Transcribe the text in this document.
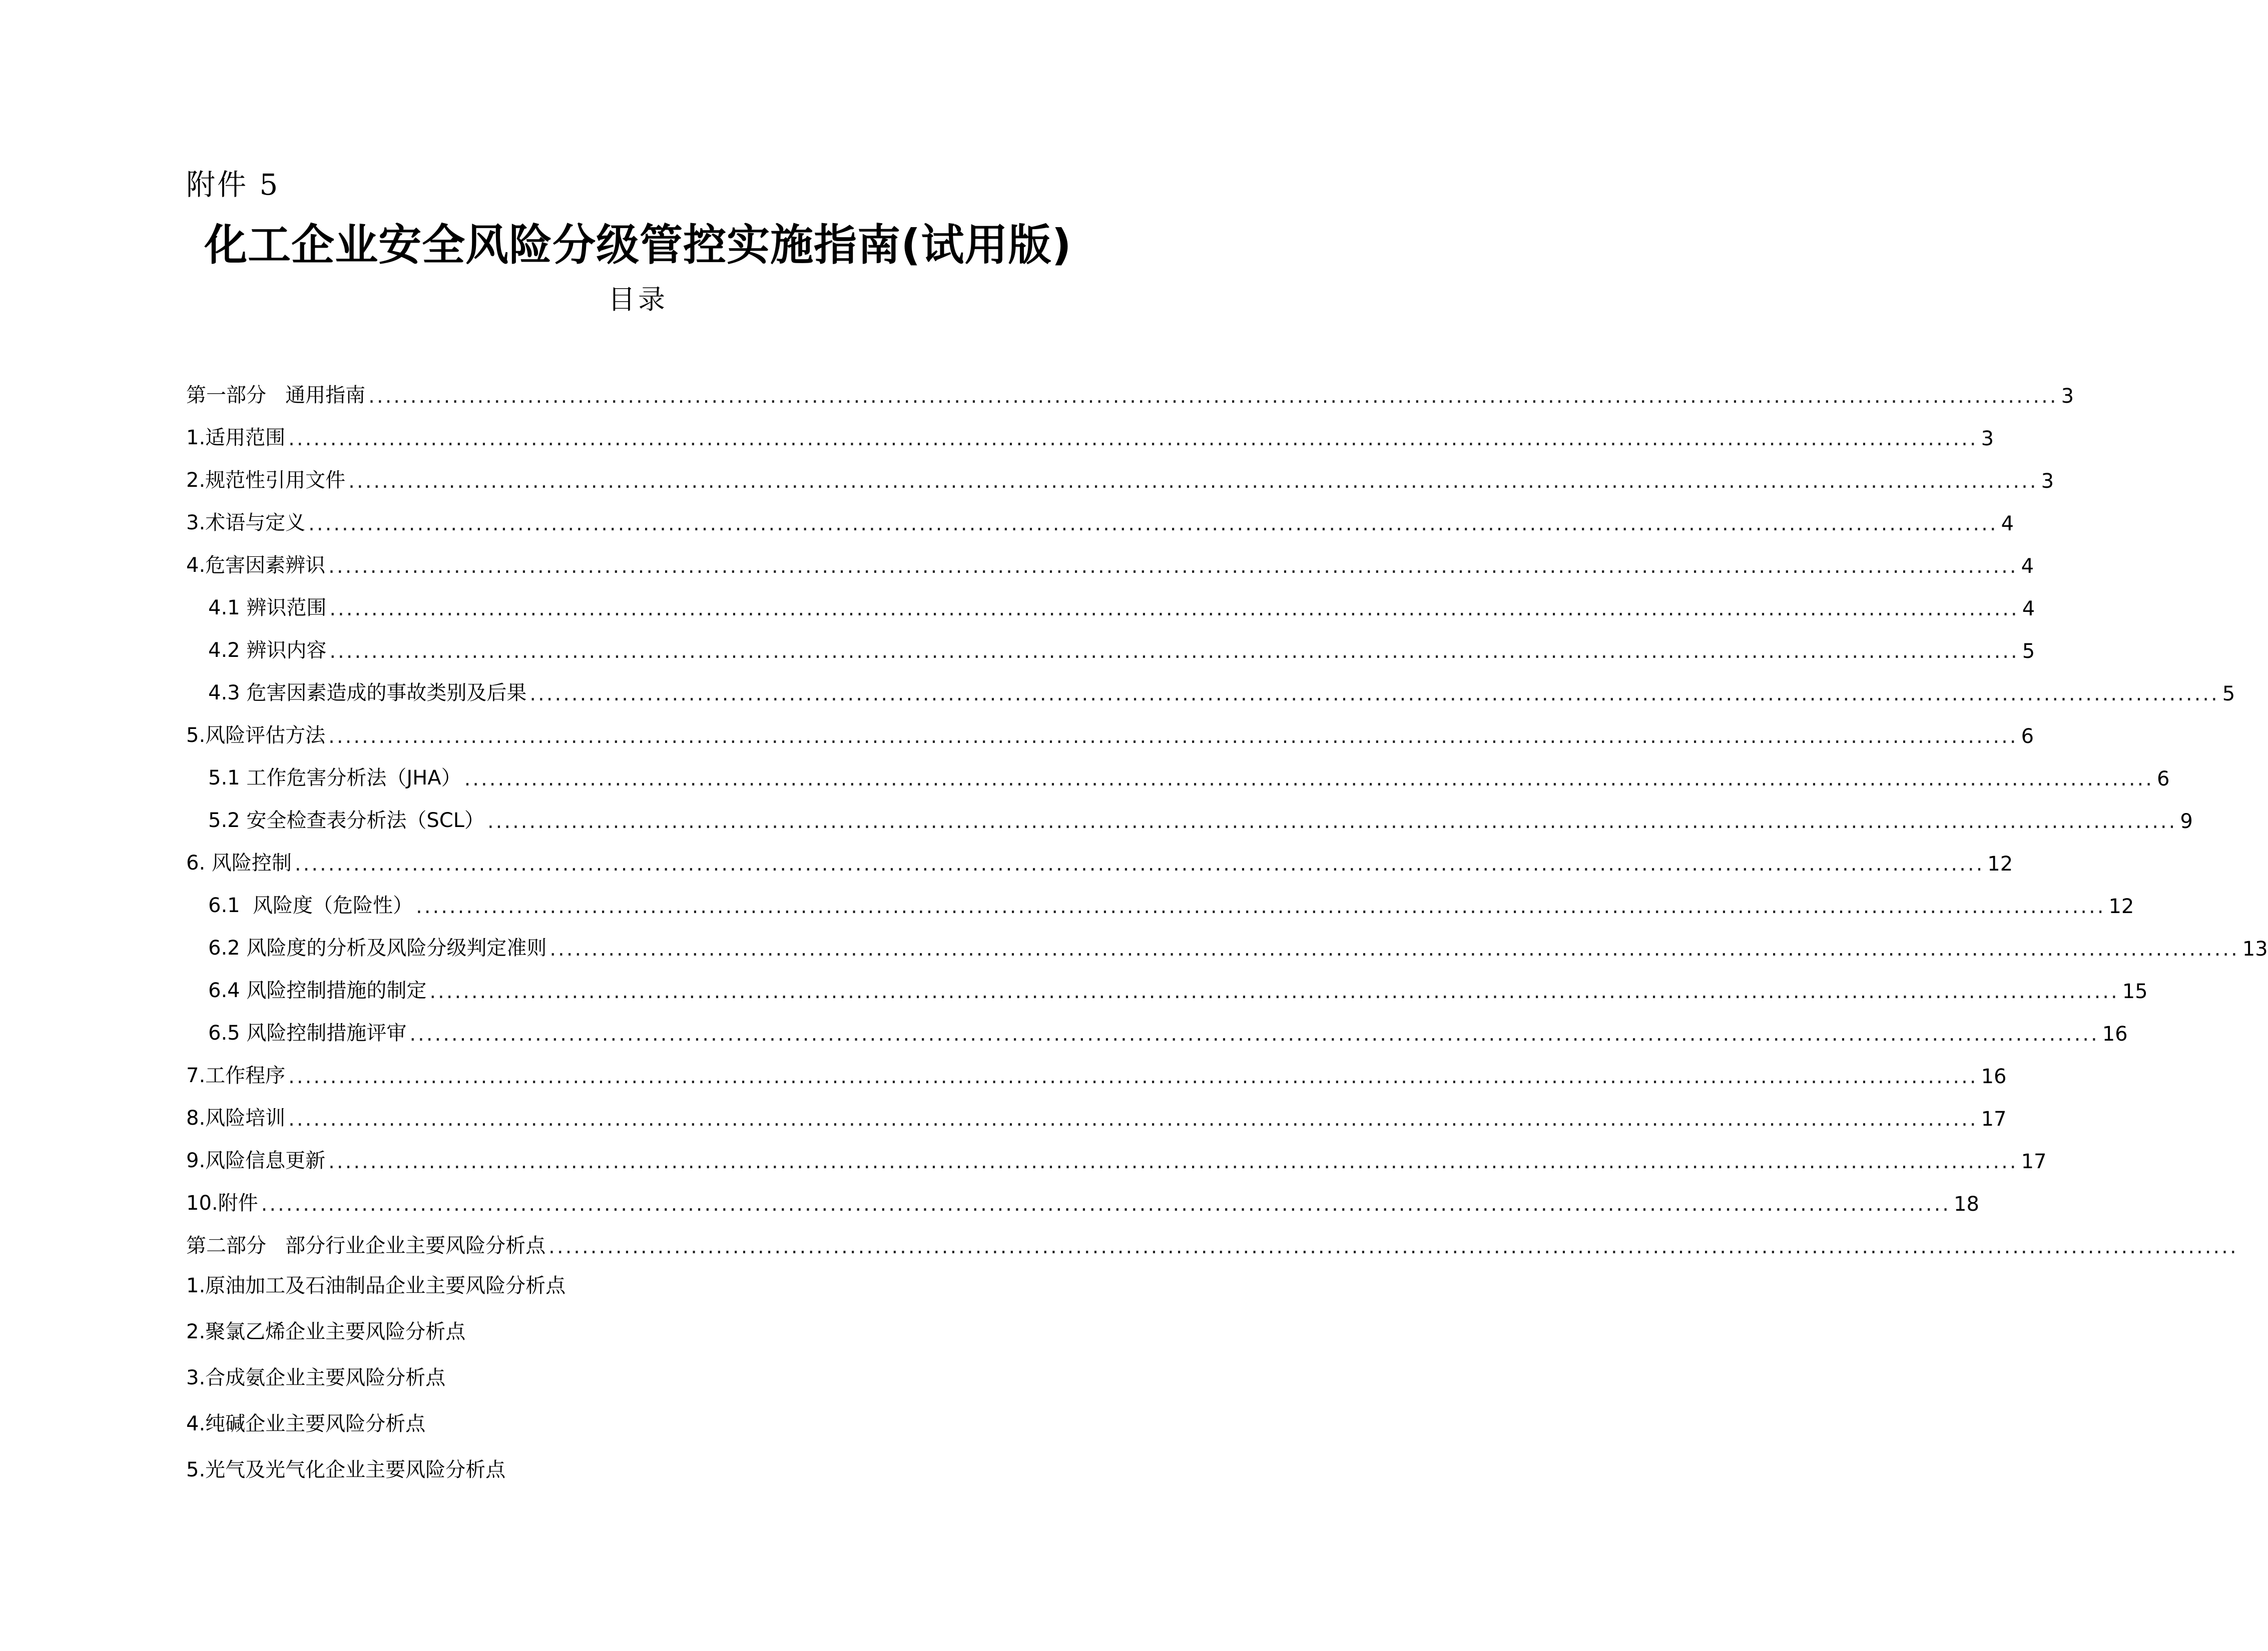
附件 5
化工企业安全风险分级管控实施指南(试用版)
目录
第一部分   通用指南 .......................................................................................................................................................................................................... 3
1.适用范围 .......................................................................................................................................................................................................... 3
2.规范性引用文件 .......................................................................................................................................................................................................... 3
3.术语与定义 .......................................................................................................................................................................................................... 4
4.危害因素辨识 .......................................................................................................................................................................................................... 4
4.1 辨识范围 .......................................................................................................................................................................................................... 4
4.2 辨识内容 .......................................................................................................................................................................................................... 5
4.3 危害因素造成的事故类别及后果 .......................................................................................................................................................................................................... 5
5.风险评估方法 .......................................................................................................................................................................................................... 6
5.1 工作危害分析法（JHA） .......................................................................................................................................................................................................... 6
5.2 安全检查表分析法（SCL） .......................................................................................................................................................................................................... 9
6. 风险控制 .......................................................................................................................................................................................................... 12
6.1  风险度（危险性） .......................................................................................................................................................................................................... 12
6.2 风险度的分析及风险分级判定准则 .......................................................................................................................................................................................................... 13
6.4 风险控制措施的制定 .......................................................................................................................................................................................................... 15
6.5 风险控制措施评审 .......................................................................................................................................................................................................... 16
7.工作程序 .......................................................................................................................................................................................................... 16
8.风险培训 .......................................................................................................................................................................................................... 17
9.风险信息更新 .......................................................................................................................................................................................................... 17
10.附件 .......................................................................................................................................................................................................... 18
第二部分   部分行业企业主要风险分析点 ..........................................................................................................................................................................................................
1.原油加工及石油制品企业主要风险分析点
2.聚氯乙烯企业主要风险分析点
3.合成氨企业主要风险分析点
4.纯碱企业主要风险分析点
5.光气及光气化企业主要风险分析点
